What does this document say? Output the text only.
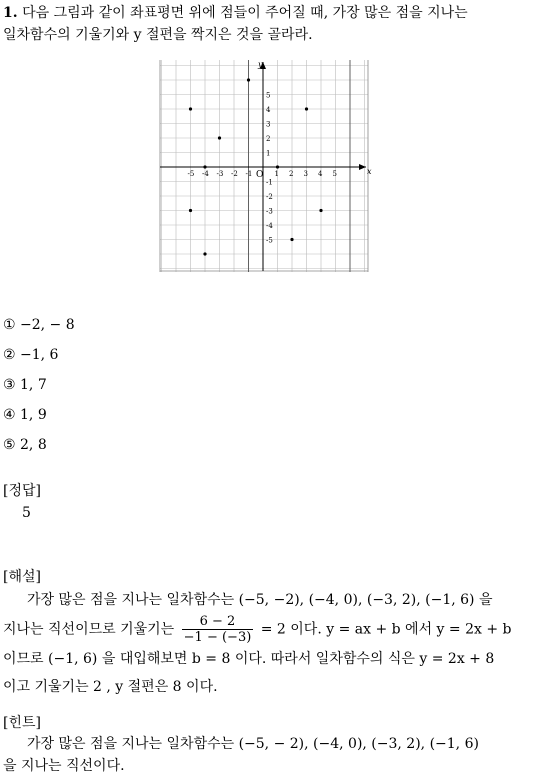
1. 다음 그림과 같이 좌표평면 위에 점들이 주어질 때, 가장 많은 점을 지나는
일차함수의 기울기와 y 절편을 짝지은 것을 골라라.
x
y
O
-5 -4 -3 -2 -1	1 2 3 4 5
5
4
3
2
1
-1
-2
-3
-4
-5
① −2, − 8
② −1, 6
③ 1, 7
④ 1, 9
⑤ 2, 8
[정답]
5
[해설]
가장 많은 점을 지나는 일차함수는 (−5, −2), (−4, 0), (−3, 2), (−1, 6) 을
지나는 직선이므로 기울기는 $\frac{6 - 2}{-1 - (-3)} = 2$ 이다. y = ax + b 에서 y = 2x + b
이므로 (−1, 6) 을 대입해보면 b = 8 이다. 따라서 일차함수의 식은 y = 2x + 8
이고 기울기는 2 , y 절편은 8 이다.
[힌트]
가장 많은 점을 지나는 일차함수는 (−5, − 2), (−4, 0), (−3, 2), (−1, 6)
을 지나는 직선이다.
